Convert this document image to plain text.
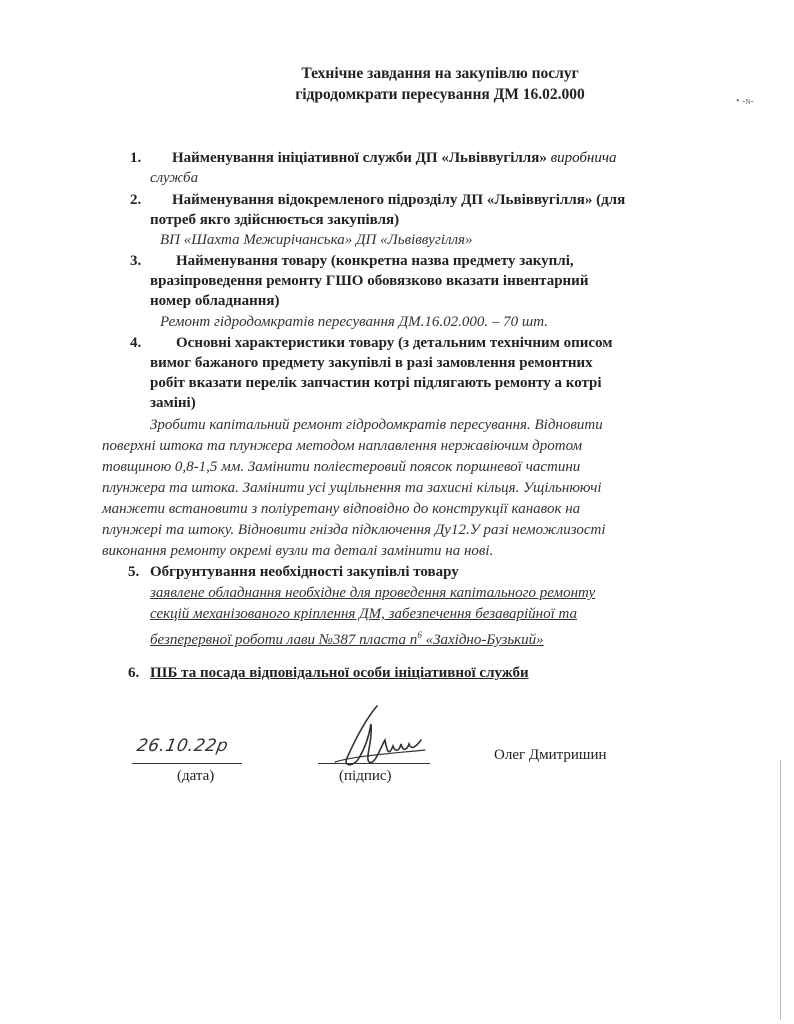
Технічне завдання на закупівлю послуг
гідродомкрати пересування ДМ 16.02.000	• -ɴ-
1. Найменування ініціативної служби ДП «Львіввугілля» виробнича
служба
2. Найменування відокремленого підрозділу ДП «Львіввугілля» (для
потреб якго здійснюється закупівля)
ВП «Шахта Межирічанська» ДП «Львіввугілля»
3. Найменування товару (конкретна назва предмету закуплі,
вразіпроведення ремонту ГШО обовязково вказати інвентарний
номер обладнання)
Ремонт гідродомкратів пересування ДМ.16.02.000. – 70 шт.
4. Основні характеристики товару (з детальним технічним описом
вимог бажаного предмету закупівлі в разі замовлення ремонтних
робіт вказати перелік запчастин котрі підлягають ремонту а котрі
заміні)
Зробити капітальний ремонт гідродомкратів пересування. Відновити
поверхні штока та плунжера методом наплавлення нержавіючим дротом
товщиною 0,8-1,5 мм. Замінити поліестеровий поясок поршневої частини
плунжера та штока. Замінити усі ущільнення та захисні кільця. Ущільнюючі
манжети встановити з поліуретану відповідно до конструкції канавок на
плунжері та штоку. Відновити гнізда підключення Ду12.У разі неможлизості
виконання ремонту окремі вузли та деталі замінити на нові.
5. Обгрунтування необхідності закупівлі товару
заявлене обладнання необхідне для проведення капітального ремонту
секцій механізованого кріплення ДМ, забезпечення безаварійної та
безперервної роботи лави №387 пласта $п^6$ «Західно-Бузький»
6. ПІБ та посада відповідальної особи ініціативної служби
26.10.22р
(дата)	(підпис)
Олег Дмитришин
